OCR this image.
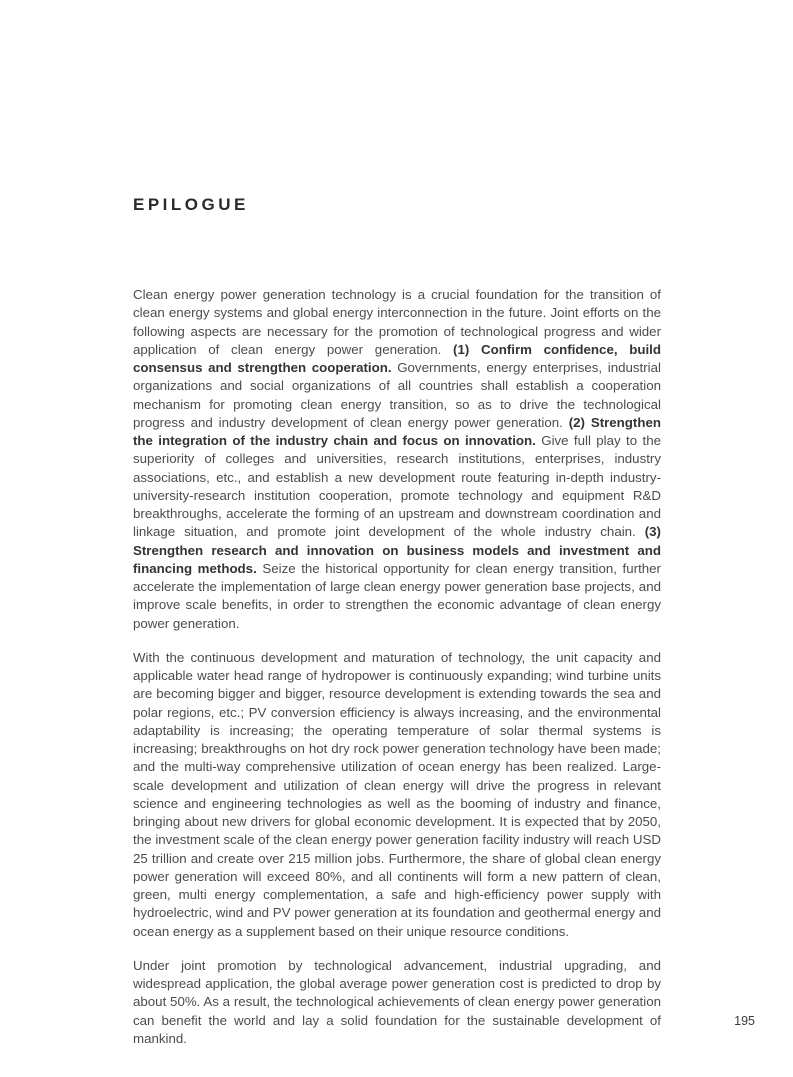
EPILOGUE

Clean energy power generation technology is a crucial foundation for the transition of clean energy systems and global energy interconnection in the future. Joint efforts on the following aspects are necessary for the promotion of technological progress and wider application of clean energy power generation. (1) Confirm confidence, build consensus and strengthen cooperation. Governments, energy enterprises, industrial organizations and social organizations of all countries shall establish a cooperation mechanism for promoting clean energy transition, so as to drive the technological progress and industry development of clean energy power generation. (2) Strengthen the integration of the industry chain and focus on innovation. Give full play to the superiority of colleges and universities, research institutions, enterprises, industry associations, etc., and establish a new development route featuring in-depth industry-university-research institution cooperation, promote technology and equipment R&D breakthroughs, accelerate the forming of an upstream and downstream coordination and linkage situation, and promote joint development of the whole industry chain. (3) Strengthen research and innovation on business models and investment and financing methods. Seize the historical opportunity for clean energy transition, further accelerate the implementation of large clean energy power generation base projects, and improve scale benefits, in order to strengthen the economic advantage of clean energy power generation.

With the continuous development and maturation of technology, the unit capacity and applicable water head range of hydropower is continuously expanding; wind turbine units are becoming bigger and bigger, resource development is extending towards the sea and polar regions, etc.; PV conversion efficiency is always increasing, and the environmental adaptability is increasing; the operating temperature of solar thermal systems is increasing; breakthroughs on hot dry rock power generation technology have been made; and the multi-way comprehensive utilization of ocean energy has been realized. Large-scale development and utilization of clean energy will drive the progress in relevant science and engineering technologies as well as the booming of industry and finance, bringing about new drivers for global economic development. It is expected that by 2050, the investment scale of the clean energy power generation facility industry will reach USD 25 trillion and create over 215 million jobs. Furthermore, the share of global clean energy power generation will exceed 80%, and all continents will form a new pattern of clean, green, multi energy complementation, a safe and high-efficiency power supply with hydroelectric, wind and PV power generation at its foundation and geothermal energy and ocean energy as a supplement based on their unique resource conditions.

Under joint promotion by technological advancement, industrial upgrading, and widespread application, the global average power generation cost is predicted to drop by about 50%. As a result, the technological achievements of clean energy power generation can benefit the world and lay a solid foundation for the sustainable development of mankind.

195
